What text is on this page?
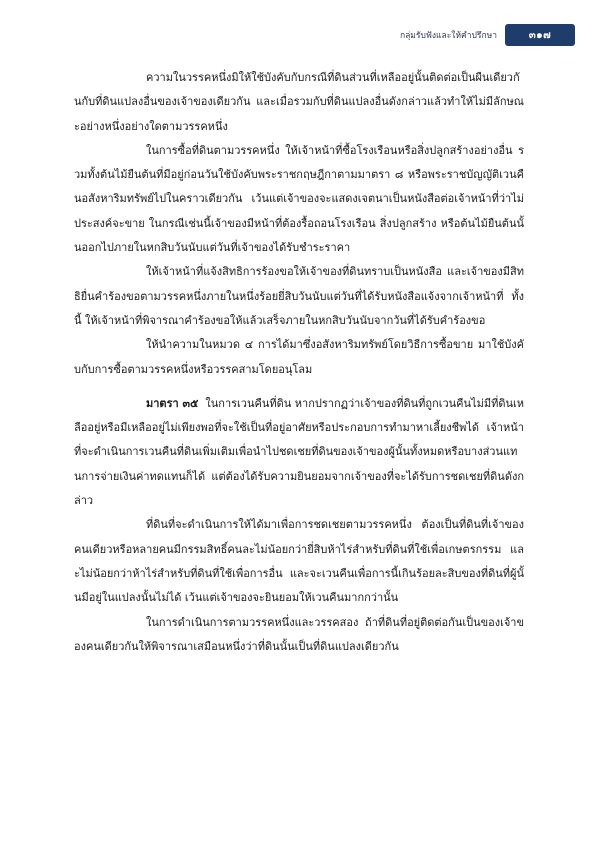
กลุ่มรับฟังและให้คำปรึกษา	๓๑๗

ความในวรรคหนึ่งมิให้ใช้บังคับกับกรณีที่ดินส่วนที่เหลืออยู่นั้นติดต่อเป็นผืนเดียวกันกับที่ดินแปลงอื่นของเจ้าของเดียวกัน และเมื่อรวมกับที่ดินแปลงอื่นดังกล่าวแล้วทำให้ไม่มีลักษณะอย่างหนึ่งอย่างใดตามวรรคหนึ่ง

ในการซื้อที่ดินตามวรรคหนึ่ง ให้เจ้าหน้าที่ซื้อโรงเรือนหรือสิ่งปลูกสร้างอย่างอื่น รวมทั้งต้นไม้ยืนต้นที่มีอยู่ก่อนวันใช้บังคับพระราชกฤษฎีกาตามมาตรา ๘ หรือพระราชบัญญัติเวนคืนอสังหาริมทรัพย์ไปในคราวเดียวกัน เว้นแต่เจ้าของจะแสดงเจตนาเป็นหนังสือต่อเจ้าหน้าที่ว่าไม่ประสงค์จะขาย ในกรณีเช่นนี้เจ้าของมีหน้าที่ต้องรื้อถอนโรงเรือน สิ่งปลูกสร้าง หรือต้นไม้ยืนต้นนั้นออกไปภายในหกสิบวันนับแต่วันที่เจ้าของได้รับชำระราคา

ให้เจ้าหน้าที่แจ้งสิทธิการร้องขอให้เจ้าของที่ดินทราบเป็นหนังสือ และเจ้าของมีสิทธิยื่นคำร้องขอตามวรรคหนึ่งภายในหนึ่งร้อยยี่สิบวันนับแต่วันที่ได้รับหนังสือแจ้งจากเจ้าหน้าที่ ทั้งนี้ ให้เจ้าหน้าที่พิจารณาคำร้องขอให้แล้วเสร็จภายในหกสิบวันนับจากวันที่ได้รับคำร้องขอ

ให้นำความในหมวด ๔ การได้มาซึ่งอสังหาริมทรัพย์โดยวิธีการซื้อขาย มาใช้บังคับกับการซื้อตามวรรคหนึ่งหรือวรรคสามโดยอนุโลม

มาตรา ๓๕ ในการเวนคืนที่ดิน หากปรากฏว่าเจ้าของที่ดินที่ถูกเวนคืนไม่มีที่ดินเหลืออยู่หรือมีเหลืออยู่ไม่เพียงพอที่จะใช้เป็นที่อยู่อาศัยหรือประกอบการทำมาหาเลี้ยงชีพได้ เจ้าหน้าที่จะดำเนินการเวนคืนที่ดินเพิ่มเติมเพื่อนำไปชดเชยที่ดินของเจ้าของผู้นั้นทั้งหมดหรือบางส่วนแทนการจ่ายเงินค่าทดแทนก็ได้ แต่ต้องได้รับความยินยอมจากเจ้าของที่จะได้รับการชดเชยที่ดินดังกล่าว

ที่ดินที่จะดำเนินการให้ได้มาเพื่อการชดเชยตามวรรคหนึ่ง ต้องเป็นที่ดินที่เจ้าของคนเดียวหรือหลายคนมีกรรมสิทธิ์คนละไม่น้อยกว่ายี่สิบห้าไร่สำหรับที่ดินที่ใช้เพื่อเกษตรกรรม และไม่น้อยกว่าห้าไร่สำหรับที่ดินที่ใช้เพื่อการอื่น และจะเวนคืนเพื่อการนี้เกินร้อยละสิบของที่ดินที่ผู้นั้นมีอยู่ในแปลงนั้นไม่ได้ เว้นแต่เจ้าของจะยินยอมให้เวนคืนมากกว่านั้น

ในการดำเนินการตามวรรคหนึ่งและวรรคสอง ถ้าที่ดินที่อยู่ติดต่อกันเป็นของเจ้าของคนเดียวกันให้พิจารณาเสมือนหนึ่งว่าที่ดินนั้นเป็นที่ดินแปลงเดียวกัน
